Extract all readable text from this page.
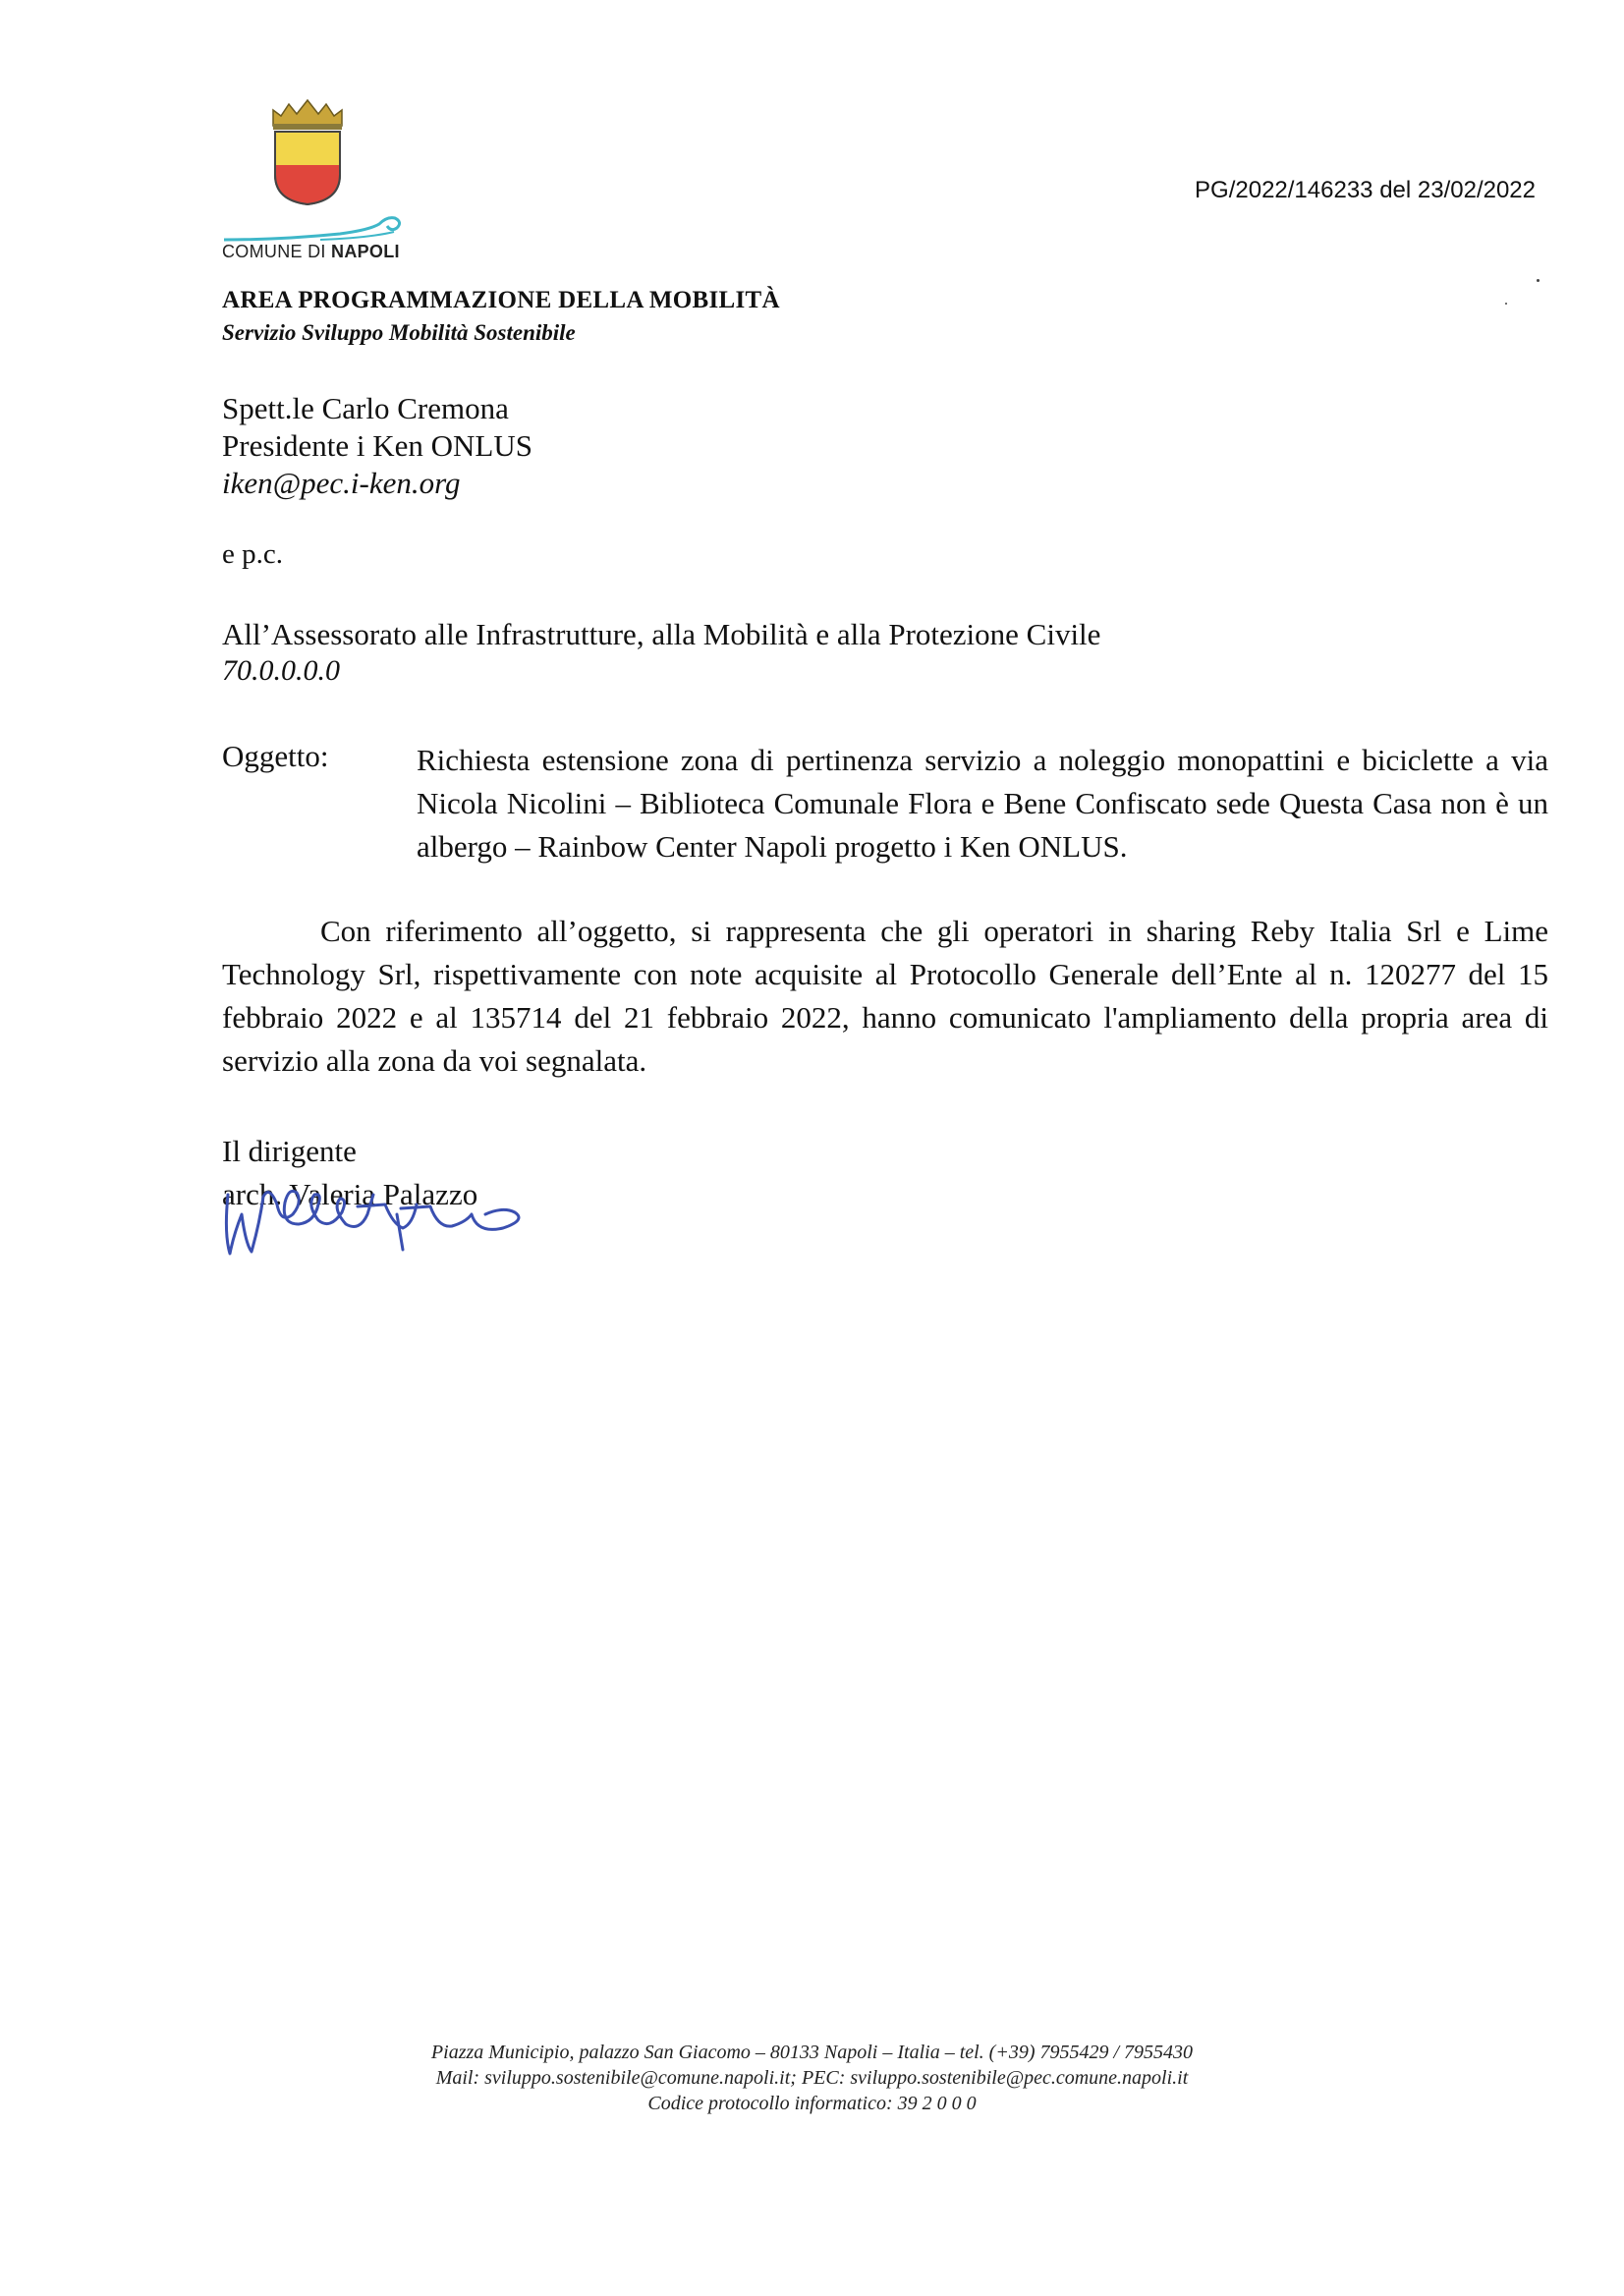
COMUNE DI NAPOLI
PG/2022/146233 del 23/02/2022
AREA PROGRAMMAZIONE DELLA MOBILITÀ
Servizio Sviluppo Mobilità Sostenibile
Spett.le Carlo Cremona
Presidente i Ken ONLUS
iken@pec.i-ken.org
e p.c.
All’Assessorato alle Infrastrutture, alla Mobilità e alla Protezione Civile
70.0.0.0.0
Oggetto:	Richiesta estensione zona di pertinenza servizio a noleggio monopattini e biciclette a via Nicola Nicolini – Biblioteca Comunale Flora e Bene Confiscato sede Questa Casa non è un albergo – Rainbow Center Napoli progetto i Ken ONLUS.

Con riferimento all’oggetto, si rappresenta che gli operatori in sharing Reby Italia Srl e Lime Technology Srl, rispettivamente con note acquisite al Protocollo Generale dell’Ente al n. 120277 del 15 febbraio 2022 e al 135714 del 21 febbraio 2022, hanno comunicato l'ampliamento della propria area di servizio alla zona da voi segnalata.

Il dirigente
arch. Valeria Palazzo
Piazza Municipio, palazzo San Giacomo – 80133 Napoli – Italia – tel. (+39) 7955429 / 7955430
Mail: sviluppo.sostenibile@comune.napoli.it; PEC: sviluppo.sostenibile@pec.comune.napoli.it
Codice protocollo informatico: 39 2 0 0 0
